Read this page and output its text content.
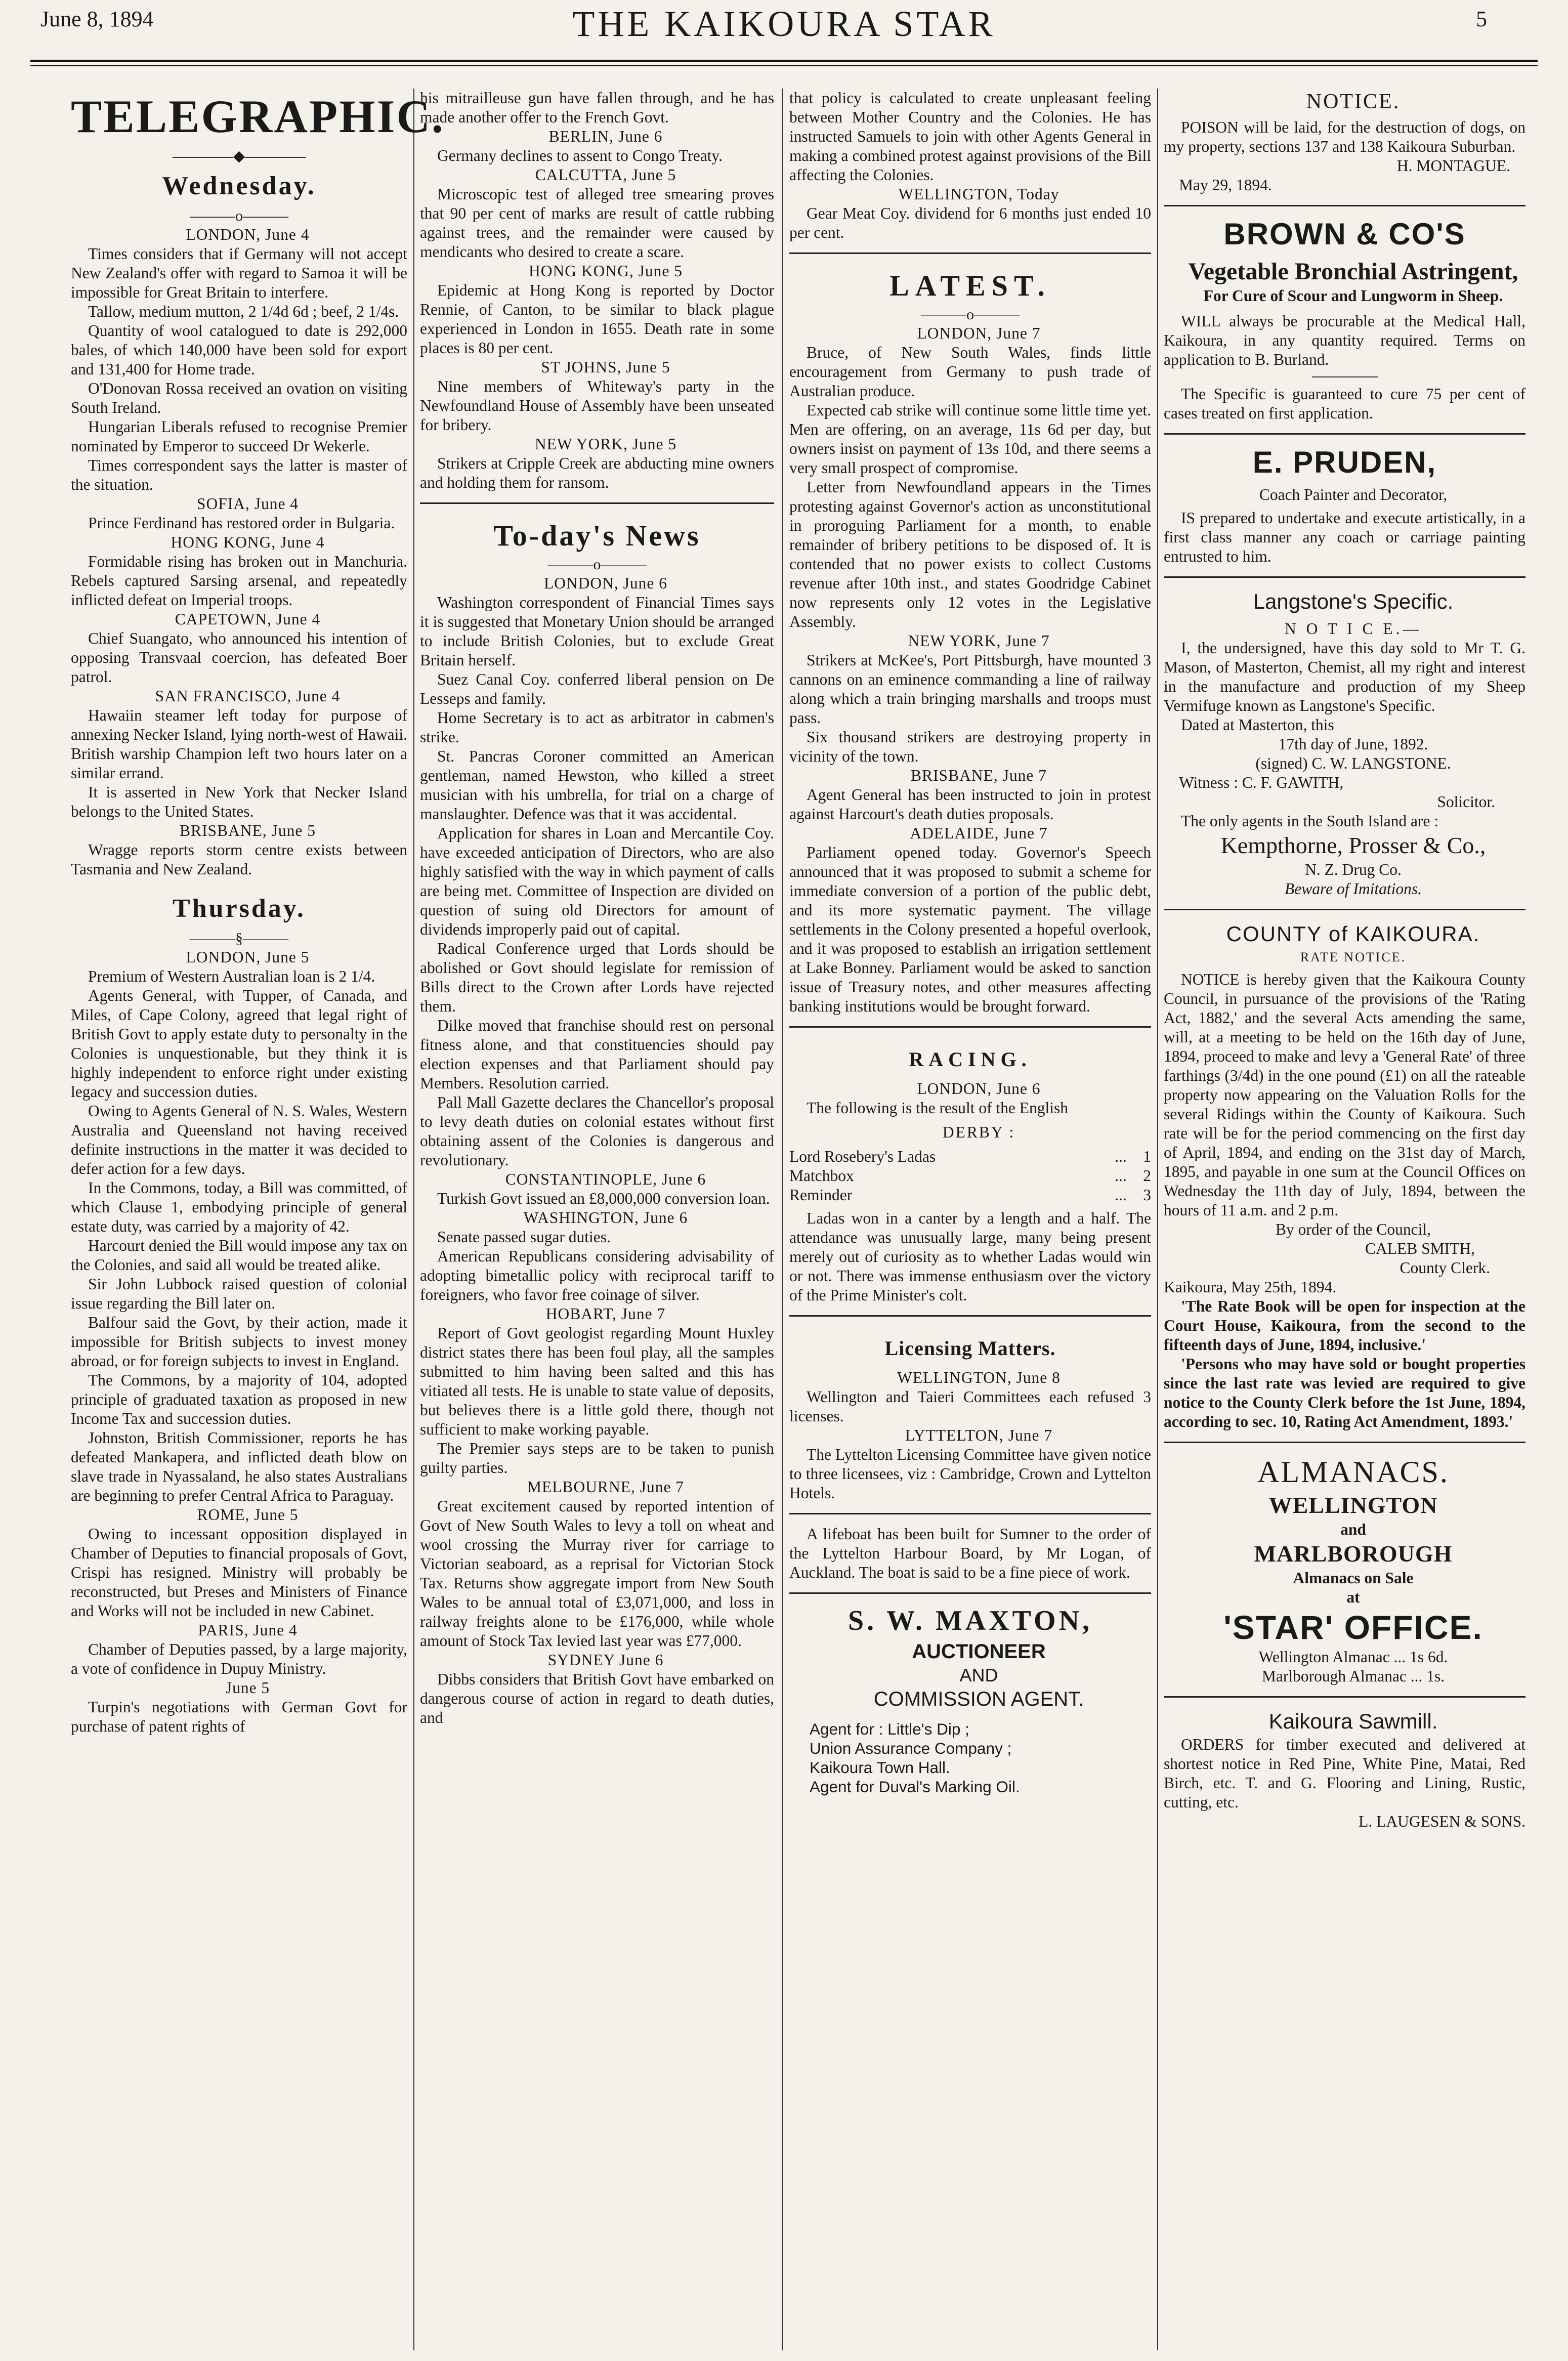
June 8, 1894	THE KAIKOURA STAR	5
TELEGRAPHIC.
————◆————
Wednesday.
———o———

LONDON, June 4

Times considers that if Germany will not accept New Zealand's offer with regard to Samoa it will be impossible for Great Britain to interfere.

Tallow, medium mutton, 2 1/4d 6d ; beef, 2 1/4s.

Quantity of wool catalogued to date is 292,000 bales, of which 140,000 have been sold for export and 131,400 for Home trade.

O'Donovan Rossa received an ovation on visiting South Ireland.

Hungarian Liberals refused to recognise Premier nominated by Emperor to succeed Dr Wekerle.

Times correspondent says the latter is master of the situation.

SOFIA, June 4

Prince Ferdinand has restored order in Bulgaria.

HONG KONG, June 4

Formidable rising has broken out in Manchuria. Rebels captured Sarsing arsenal, and repeatedly inflicted defeat on Imperial troops.

CAPETOWN, June 4

Chief Suangato, who announced his intention of opposing Transvaal coercion, has defeated Boer patrol.

SAN FRANCISCO, June 4

Hawaiin steamer left today for purpose of annexing Necker Island, lying north-west of Hawaii. British warship Champion left two hours later on a similar errand.

It is asserted in New York that Necker Island belongs to the United States.

BRISBANE, June 5

Wragge reports storm centre exists between Tasmania and New Zealand.

Thursday.
———§———

LONDON, June 5

Premium of Western Australian loan is 2 1/4.

Agents General, with Tupper, of Canada, and Miles, of Cape Colony, agreed that legal right of British Govt to apply estate duty to personalty in the Colonies is unquestionable, but they think it is highly independent to enforce right under existing legacy and succession duties.

Owing to Agents General of N. S. Wales, Western Australia and Queensland not having received definite instructions in the matter it was decided to defer action for a few days.

In the Commons, today, a Bill was committed, of which Clause 1, embodying principle of general estate duty, was carried by a majority of 42.

Harcourt denied the Bill would impose any tax on the Colonies, and said all would be treated alike.

Sir John Lubbock raised question of colonial issue regarding the Bill later on.

Balfour said the Govt, by their action, made it impossible for British subjects to invest money abroad, or for foreign subjects to invest in England.

The Commons, by a majority of 104, adopted principle of graduated taxation as proposed in new Income Tax and succession duties.

Johnston, British Commissioner, reports he has defeated Mankapera, and inflicted death blow on slave trade in Nyassaland, he also states Australians are beginning to prefer Central Africa to Paraguay.

ROME, June 5

Owing to incessant opposition displayed in Chamber of Deputies to financial proposals of Govt, Crispi has resigned. Ministry will probably be reconstructed, but Preses and Ministers of Finance and Works will not be included in new Cabinet.

PARIS, June 4

Chamber of Deputies passed, by a large majority, a vote of confidence in Dupuy Ministry.

June 5

Turpin's negotiations with German Govt for purchase of patent rights of

his mitrailleuse gun have fallen through, and he has made another offer to the French Govt.

BERLIN, June 6

Germany declines to assent to Congo Treaty.

CALCUTTA, June 5

Microscopic test of alleged tree smearing proves that 90 per cent of marks are result of cattle rubbing against trees, and the remainder were caused by mendicants who desired to create a scare.

HONG KONG, June 5

Epidemic at Hong Kong is reported by Doctor Rennie, of Canton, to be similar to black plague experienced in London in 1655. Death rate in some places is 80 per cent.

ST JOHNS, June 5

Nine members of Whiteway's party in the Newfoundland House of Assembly have been unseated for bribery.

NEW YORK, June 5

Strikers at Cripple Creek are abducting mine owners and holding them for ransom.

To-day's News
———o———

LONDON, June 6

Washington correspondent of Financial Times says it is suggested that Monetary Union should be arranged to include British Colonies, but to exclude Great Britain herself.

Suez Canal Coy. conferred liberal pension on De Lesseps and family.

Home Secretary is to act as arbitrator in cabmen's strike.

St. Pancras Coroner committed an American gentleman, named Hewston, who killed a street musician with his umbrella, for trial on a charge of manslaughter. Defence was that it was accidental.

Application for shares in Loan and Mercantile Coy. have exceeded anticipation of Directors, who are also highly satisfied with the way in which payment of calls are being met. Committee of Inspection are divided on question of suing old Directors for amount of dividends improperly paid out of capital.

Radical Conference urged that Lords should be abolished or Govt should legislate for remission of Bills direct to the Crown after Lords have rejected them.

Dilke moved that franchise should rest on personal fitness alone, and that constituencies should pay election expenses and that Parliament should pay Members. Resolution carried.

Pall Mall Gazette declares the Chancellor's proposal to levy death duties on colonial estates without first obtaining assent of the Colonies is dangerous and revolutionary.

CONSTANTINOPLE, June 6

Turkish Govt issued an £8,000,000 conversion loan.

WASHINGTON, June 6

Senate passed sugar duties.

American Republicans considering advisability of adopting bimetallic policy with reciprocal tariff to foreigners, who favor free coinage of silver.

HOBART, June 7

Report of Govt geologist regarding Mount Huxley district states there has been foul play, all the samples submitted to him having been salted and this has vitiated all tests. He is unable to state value of deposits, but believes there is a little gold there, though not sufficient to make working payable.

The Premier says steps are to be taken to punish guilty parties.

MELBOURNE, June 7

Great excitement caused by reported intention of Govt of New South Wales to levy a toll on wheat and wool crossing the Murray river for carriage to Victorian seaboard, as a reprisal for Victorian Stock Tax. Returns show aggregate import from New South Wales to be annual total of £3,071,000, and loss in railway freights alone to be £176,000, while whole amount of Stock Tax levied last year was £77,000.

SYDNEY June 6

Dibbs considers that British Govt have embarked on dangerous course of action in regard to death duties, and

that policy is calculated to create unpleasant feeling between Mother Country and the Colonies. He has instructed Samuels to join with other Agents General in making a combined protest against provisions of the Bill affecting the Colonies.

WELLINGTON, Today

Gear Meat Coy. dividend for 6 months just ended 10 per cent.

LATEST.
———o———

LONDON, June 7

Bruce, of New South Wales, finds little encouragement from Germany to push trade of Australian produce.

Expected cab strike will continue some little time yet. Men are offering, on an average, 11s 6d per day, but owners insist on payment of 13s 10d, and there seems a very small prospect of compromise.

Letter from Newfoundland appears in the Times protesting against Governor's action as unconstitutional in proroguing Parliament for a month, to enable remainder of bribery petitions to be disposed of. It is contended that no power exists to collect Customs revenue after 10th inst., and states Goodridge Cabinet now represents only 12 votes in the Legislative Assembly.

NEW YORK, June 7

Strikers at McKee's, Port Pittsburgh, have mounted 3 cannons on an eminence commanding a line of railway along which a train bringing marshalls and troops must pass.

Six thousand strikers are destroying property in vicinity of the town.

BRISBANE, June 7

Agent General has been instructed to join in protest against Harcourt's death duties proposals.

ADELAIDE, June 7

Parliament opened today. Governor's Speech announced that it was proposed to submit a scheme for immediate conversion of a portion of the public debt, and its more systematic payment. The village settlements in the Colony presented a hopeful overlook, and it was proposed to establish an irrigation settlement at Lake Bonney. Parliament would be asked to sanction issue of Treasury notes, and other measures affecting banking institutions would be brought forward.

RACING.

LONDON, June 6

The following is the result of the English

DERBY :

Lord Rosebery's Ladas	...	1
Matchbox	...	2
Reminder	...	3

Ladas won in a canter by a length and a half. The attendance was unusually large, many being present merely out of curiosity as to whether Ladas would win or not. There was immense enthusiasm over the victory of the Prime Minister's colt.

Licensing Matters.

WELLINGTON, June 8

Wellington and Taieri Committees each refused 3 licenses.

LYTTELTON, June 7

The Lyttelton Licensing Committee have given notice to three licensees, viz : Cambridge, Crown and Lyttelton Hotels.

A lifeboat has been built for Sumner to the order of the Lyttelton Harbour Board, by Mr Logan, of Auckland. The boat is said to be a fine piece of work.

S. W. MAXTON,

AUCTIONEER

AND

COMMISSION AGENT.

Agent for : Little's Dip ;

Union Assurance Company ;

Kaikoura Town Hall.

Agent for Duval's Marking Oil.

NOTICE.

POISON will be laid, for the destruction of dogs, on my property, sections 137 and 138 Kaikoura Suburban.

H. MONTAGUE.

May 29, 1894.

BROWN & CO'S

Vegetable Bronchial Astringent,

For Cure of Scour and Lungworm in Sheep.

WILL always be procurable at the Medical Hall, Kaikoura, in any quantity required. Terms on application to B. Burland.

The Specific is guaranteed to cure 75 per cent of cases treated on first application.

E. PRUDEN,

Coach Painter and Decorator,

IS prepared to undertake and execute artistically, in a first class manner any coach or carriage painting entrusted to him.

Langstone's Specific.

N O T I C E.—

I, the undersigned, have this day sold to Mr T. G. Mason, of Masterton, Chemist, all my right and interest in the manufacture and production of my Sheep Vermifuge known as Langstone's Specific.

Dated at Masterton, this

17th day of June, 1892.

(signed) C. W. LANGSTONE.

Witness : C. F. GAWITH,

Solicitor.

The only agents in the South Island are :

Kempthorne, Prosser & Co.,

N. Z. Drug Co.

Beware of Imitations.

COUNTY of KAIKOURA.

RATE NOTICE.

NOTICE is hereby given that the Kaikoura County Council, in pursuance of the provisions of the 'Rating Act, 1882,' and the several Acts amending the same, will, at a meeting to be held on the 16th day of June, 1894, proceed to make and levy a 'General Rate' of three farthings (3/4d) in the one pound (£1) on all the rateable property now appearing on the Valuation Rolls for the several Ridings within the County of Kaikoura. Such rate will be for the period commencing on the first day of April, 1894, and ending on the 31st day of March, 1895, and payable in one sum at the Council Offices on Wednesday the 11th day of July, 1894, between the hours of 11 a.m. and 2 p.m.

By order of the Council,

CALEB SMITH,

County Clerk.

Kaikoura, May 25th, 1894.

'The Rate Book will be open for inspection at the Court House, Kaikoura, from the second to the fifteenth days of June, 1894, inclusive.'

'Persons who may have sold or bought properties since the last rate was levied are required to give notice to the County Clerk before the 1st June, 1894, according to sec. 10, Rating Act Amendment, 1893.'

ALMANACS.

WELLINGTON

and

MARLBOROUGH

Almanacs on Sale

at

'STAR' OFFICE.

Wellington Almanac ... 1s 6d.

Marlborough Almanac ... 1s.

Kaikoura Sawmill.

ORDERS for timber executed and delivered at shortest notice in Red Pine, White Pine, Matai, Red Birch, etc. T. and G. Flooring and Lining, Rustic, cutting, etc.

L. LAUGESEN & SONS.
